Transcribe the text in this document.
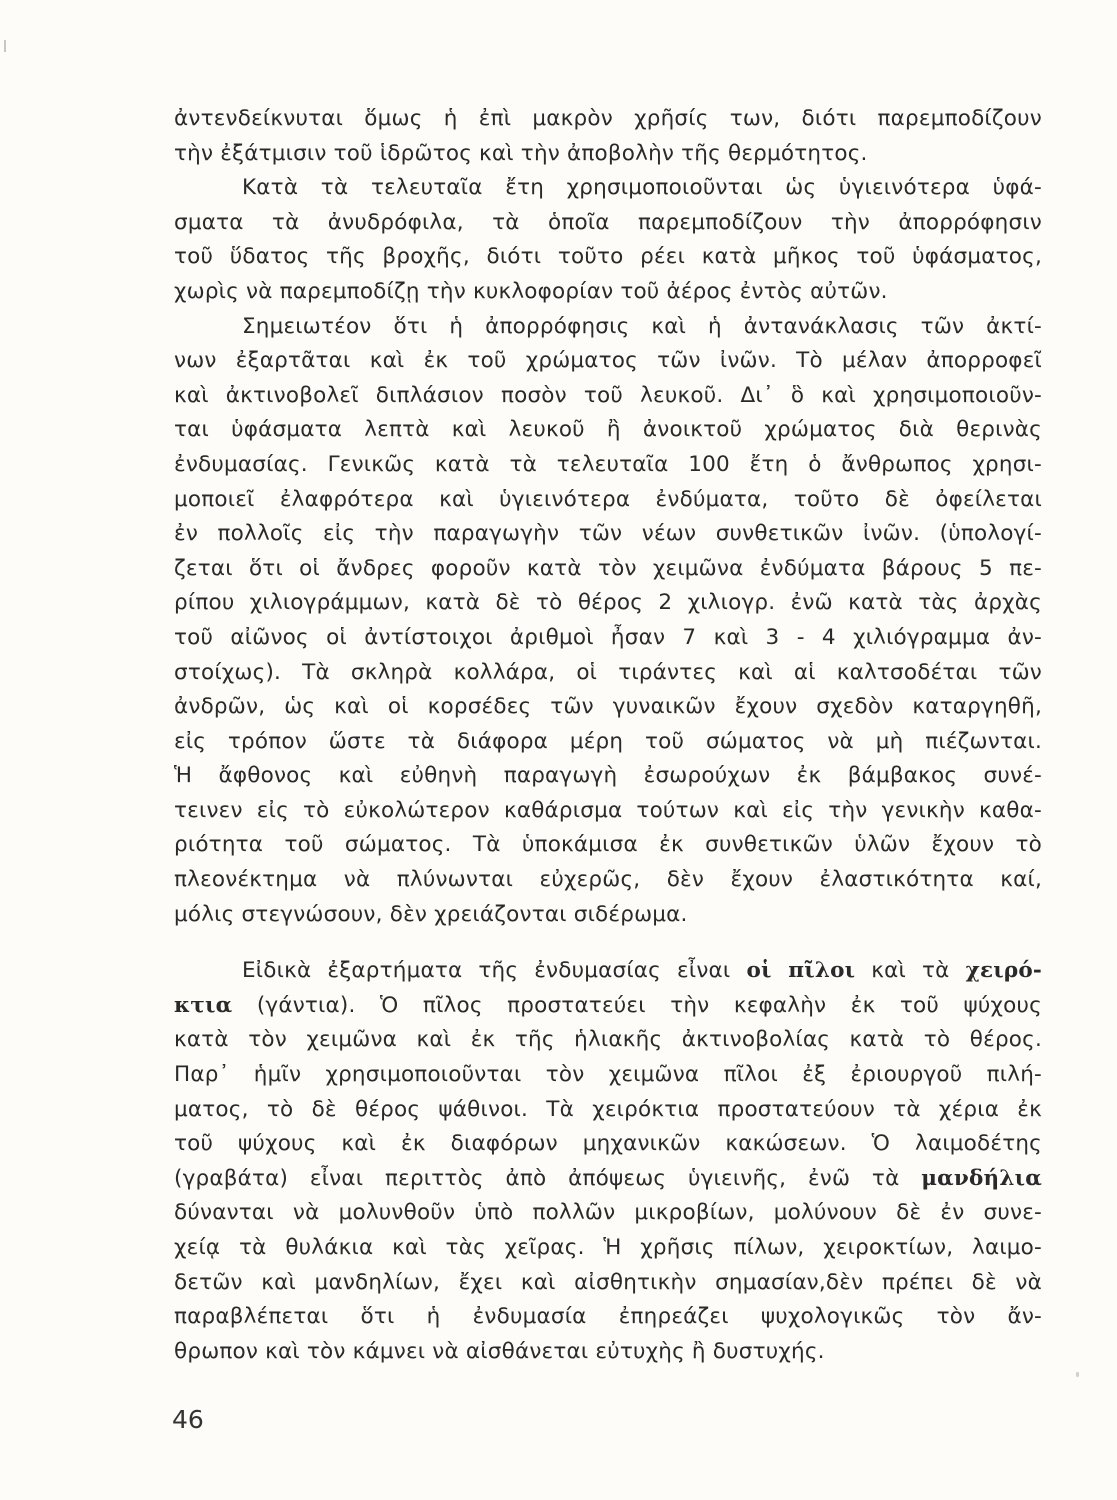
ἀντενδείκνυται ὅμως ἡ ἐπὶ μακρὸν χρῆσίς των, διότι παρεμποδίζουν
τὴν ἐξάτμισιν τοῦ ἱδρῶτος καὶ τὴν ἀποβολὴν τῆς θερμότητος.
Κατὰ τὰ τελευταῖα ἔτη χρησιμοποιοῦνται ὡς ὑγιεινότερα ὑφά-
σματα τὰ ἀνυδρόφιλα, τὰ ὁποῖα παρεμποδίζουν τὴν ἀπορρόφησιν
τοῦ ὕδατος τῆς βροχῆς, διότι τοῦτο ρέει κατὰ μῆκος τοῦ ὑφάσματος,
χωρὶς νὰ παρεμποδίζῃ τὴν κυκλοφορίαν τοῦ ἀέρος ἐντὸς αὐτῶν.
Σημειωτέον ὅτι ἡ ἀπορρόφησις καὶ ἡ ἀντανάκλασις τῶν ἀκτί-
νων ἐξαρτᾶται καὶ ἐκ τοῦ χρώματος τῶν ἰνῶν. Τὸ μέλαν ἀπορροφεῖ
καὶ ἀκτινοβολεῖ διπλάσιον ποσὸν τοῦ λευκοῦ. Δι᾽ ὃ καὶ χρησιμοποιοῦν-
ται ὑφάσματα λεπτὰ καὶ λευκοῦ ἢ ἀνοικτοῦ χρώματος διὰ θερινὰς
ἐνδυμασίας. Γενικῶς κατὰ τὰ τελευταῖα 100 ἔτη ὁ ἄνθρωπος χρησι-
μοποιεῖ ἐλαφρότερα καὶ ὑγιεινότερα ἐνδύματα, τοῦτο δὲ ὀφείλεται
ἐν πολλοῖς εἰς τὴν παραγωγὴν τῶν νέων συνθετικῶν ἰνῶν. (ὑπολογί-
ζεται ὅτι οἱ ἄνδρες φοροῦν κατὰ τὸν χειμῶνα ἐνδύματα βάρους 5 πε-
ρίπου χιλιογράμμων, κατὰ δὲ τὸ θέρος 2 χιλιογρ. ἐνῶ κατὰ τὰς ἀρχὰς
τοῦ αἰῶνος οἱ ἀντίστοιχοι ἀριθμοὶ ἦσαν 7 καὶ 3 - 4 χιλιόγραμμα ἀν-
στοίχως). Τὰ σκληρὰ κολλάρα, οἱ τιράντες καὶ αἱ καλτσοδέται τῶν
ἀνδρῶν, ὡς καὶ οἱ κορσέδες τῶν γυναικῶν ἔχουν σχεδὸν καταργηθῆ,
εἰς τρόπον ὥστε τὰ διάφορα μέρη τοῦ σώματος νὰ μὴ πιέζωνται.
Ἡ ἄφθονος καὶ εὐθηνὴ παραγωγὴ ἐσωρούχων ἐκ βάμβακος συνέ-
τεινεν εἰς τὸ εὐκολώτερον καθάρισμα τούτων καὶ εἰς τὴν γενικὴν καθα-
ριότητα τοῦ σώματος. Τὰ ὑποκάμισα ἐκ συνθετικῶν ὑλῶν ἔχουν τὸ
πλεονέκτημα νὰ πλύνωνται εὐχερῶς, δὲν ἔχουν ἐλαστικότητα καί,
μόλις στεγνώσουν, δὲν χρειάζονται σιδέρωμα.
Εἰδικὰ ἐξαρτήματα τῆς ἐνδυμασίας εἶναι οἱ πῖλοι καὶ τὰ χειρό-
κτια (γάντια). Ὁ πῖλος προστατεύει τὴν κεφαλὴν ἐκ τοῦ ψύχους
κατὰ τὸν χειμῶνα καὶ ἐκ τῆς ἡλιακῆς ἀκτινοβολίας κατὰ τὸ θέρος.
Παρ᾽ ἡμῖν χρησιμοποιοῦνται τὸν χειμῶνα πῖλοι ἐξ ἐριουργοῦ πιλή-
ματος, τὸ δὲ θέρος ψάθινοι. Τὰ χειρόκτια προστατεύουν τὰ χέρια ἐκ
τοῦ ψύχους καὶ ἐκ διαφόρων μηχανικῶν κακώσεων. Ὁ λαιμοδέτης
(γραβάτα) εἶναι περιττὸς ἀπὸ ἀπόψεως ὑγιεινῆς, ἐνῶ τὰ μανδήλια
δύνανται νὰ μολυνθοῦν ὑπὸ πολλῶν μικροβίων, μολύνουν δὲ ἐν συνε-
χείᾳ τὰ θυλάκια καὶ τὰς χεῖρας. Ἡ χρῆσις πίλων, χειροκτίων, λαιμο-
δετῶν καὶ μανδηλίων, ἔχει καὶ αἰσθητικὴν σημασίαν,δὲν πρέπει δὲ νὰ
παραβλέπεται ὅτι ἡ ἐνδυμασία ἐπηρεάζει ψυχολογικῶς τὸν ἄν-
θρωπον καὶ τὸν κάμνει νὰ αἰσθάνεται εὐτυχὴς ἢ δυστυχής.
46
